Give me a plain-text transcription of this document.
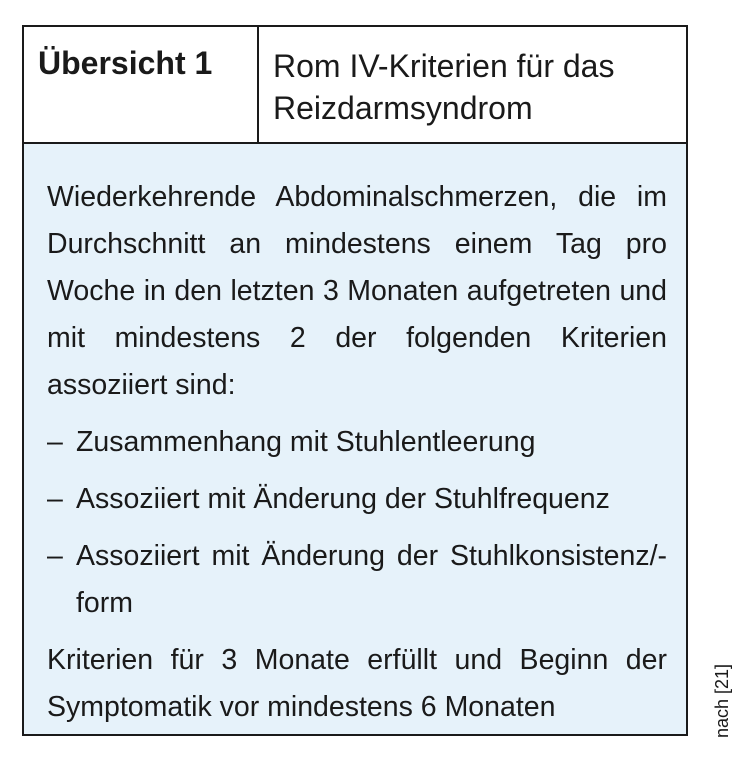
Übersicht 1 Rom IV-Kriterien für das Reizdarmsyndrom
Wiederkehrende Abdominalschmerzen, die im Durchschnitt an mindestens einem Tag pro Woche in den letzten 3 Monaten aufgetreten und mit mindestens 2 der folgenden Kriterien assoziiert sind:
– Zusammenhang mit Stuhlentleerung
– Assoziiert mit Änderung der Stuhlfrequenz
– Assoziiert mit Änderung der Stuhlkonsistenz/-form
Kriterien für 3 Monate erfüllt und Beginn der Symptomatik vor mindestens 6 Monaten	nach [21]
